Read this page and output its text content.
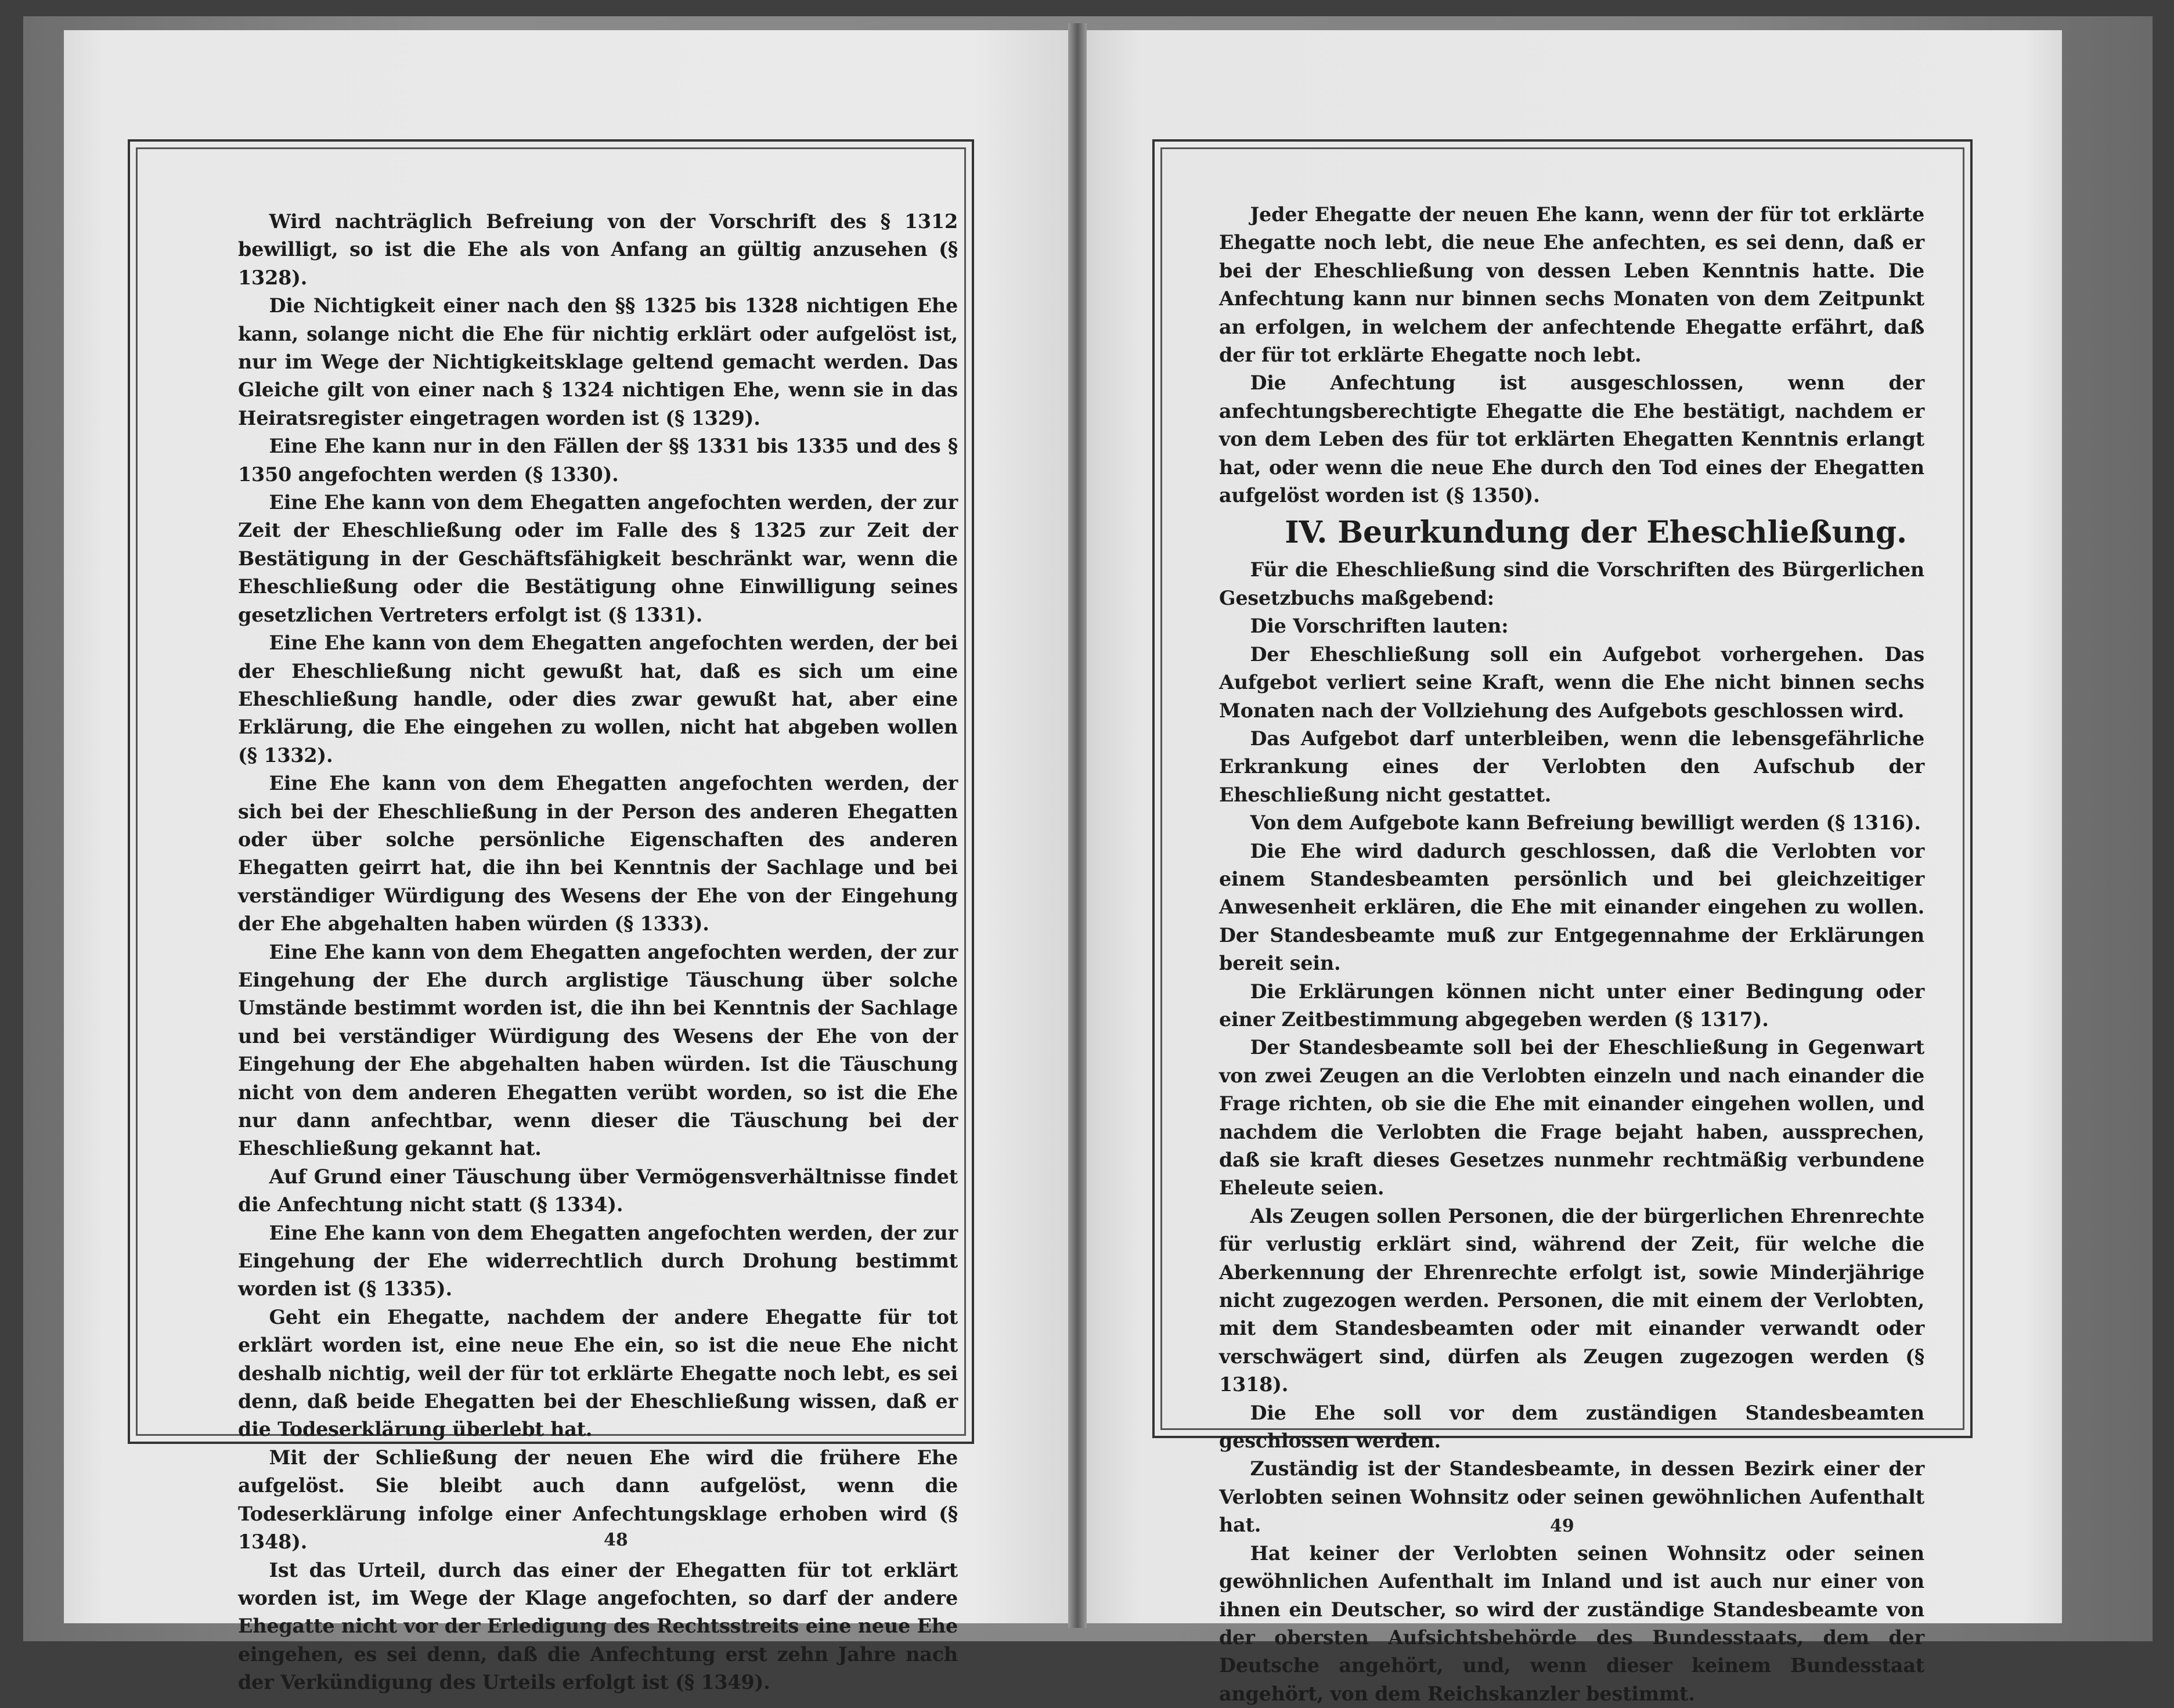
Wird nachträglich Befreiung von der Vorschrift des § 1312 bewilligt, so ist die Ehe als von Anfang an gültig anzusehen (§ 1328).

Die Nichtigkeit einer nach den §§ 1325 bis 1328 nichtigen Ehe kann, solange nicht die Ehe für nichtig erklärt oder aufgelöst ist, nur im Wege der Nichtigkeitsklage geltend gemacht werden. Das Gleiche gilt von einer nach § 1324 nichtigen Ehe, wenn sie in das Heiratsregister eingetragen worden ist (§ 1329).

Eine Ehe kann nur in den Fällen der §§ 1331 bis 1335 und des § 1350 angefochten werden (§ 1330).

Eine Ehe kann von dem Ehegatten angefochten werden, der zur Zeit der Eheschließung oder im Falle des § 1325 zur Zeit der Bestätigung in der Geschäftsfähigkeit beschränkt war, wenn die Eheschließung oder die Bestätigung ohne Einwilligung seines gesetzlichen Vertreters erfolgt ist (§ 1331).

Eine Ehe kann von dem Ehegatten angefochten werden, der bei der Eheschließung nicht gewußt hat, daß es sich um eine Eheschließung handle, oder dies zwar gewußt hat, aber eine Erklärung, die Ehe eingehen zu wollen, nicht hat abgeben wollen (§ 1332).

Eine Ehe kann von dem Ehegatten angefochten werden, der sich bei der Eheschließung in der Person des anderen Ehegatten oder über solche persönliche Eigenschaften des anderen Ehegatten geirrt hat, die ihn bei Kenntnis der Sachlage und bei verständiger Würdigung des Wesens der Ehe von der Eingehung der Ehe abgehalten haben würden (§ 1333).

Eine Ehe kann von dem Ehegatten angefochten werden, der zur Eingehung der Ehe durch arglistige Täuschung über solche Umstände bestimmt worden ist, die ihn bei Kenntnis der Sachlage und bei verständiger Würdigung des Wesens der Ehe von der Eingehung der Ehe abgehalten haben würden. Ist die Täuschung nicht von dem anderen Ehegatten verübt worden, so ist die Ehe nur dann anfechtbar, wenn dieser die Täuschung bei der Eheschließung gekannt hat.

Auf Grund einer Täuschung über Vermögensverhältnisse findet die Anfechtung nicht statt (§ 1334).

Eine Ehe kann von dem Ehegatten angefochten werden, der zur Eingehung der Ehe widerrechtlich durch Drohung bestimmt worden ist (§ 1335).

Geht ein Ehegatte, nachdem der andere Ehegatte für tot erklärt worden ist, eine neue Ehe ein, so ist die neue Ehe nicht deshalb nichtig, weil der für tot erklärte Ehegatte noch lebt, es sei denn, daß beide Ehegatten bei der Eheschließung wissen, daß er die Todeserklärung überlebt hat.

Mit der Schließung der neuen Ehe wird die frühere Ehe aufgelöst. Sie bleibt auch dann aufgelöst, wenn die Todeserklärung infolge einer Anfechtungsklage erhoben wird (§ 1348).

Ist das Urteil, durch das einer der Ehegatten für tot erklärt worden ist, im Wege der Klage angefochten, so darf der andere Ehegatte nicht vor der Erledigung des Rechtsstreits eine neue Ehe eingehen, es sei denn, daß die Anfechtung erst zehn Jahre nach der Verkündigung des Urteils erfolgt ist (§ 1349).

Jeder Ehegatte der neuen Ehe kann, wenn der für tot erklärte Ehegatte noch lebt, die neue Ehe anfechten, es sei denn, daß er bei der Eheschließung von dessen Leben Kenntnis hatte. Die Anfechtung kann nur binnen sechs Monaten von dem Zeitpunkt an erfolgen, in welchem der anfechtende Ehegatte erfährt, daß der für tot erklärte Ehegatte noch lebt.

Die Anfechtung ist ausgeschlossen, wenn der anfechtungsberechtigte Ehegatte die Ehe bestätigt, nachdem er von dem Leben des für tot erklärten Ehegatten Kenntnis erlangt hat, oder wenn die neue Ehe durch den Tod eines der Ehegatten aufgelöst worden ist (§ 1350).

IV. Beurkundung der Eheschließung.

Für die Eheschließung sind die Vorschriften des Bürgerlichen Gesetzbuchs maßgebend:

Die Vorschriften lauten:

Der Eheschließung soll ein Aufgebot vorhergehen. Das Aufgebot verliert seine Kraft, wenn die Ehe nicht binnen sechs Monaten nach der Vollziehung des Aufgebots geschlossen wird.

Das Aufgebot darf unterbleiben, wenn die lebensgefährliche Erkrankung eines der Verlobten den Aufschub der Eheschließung nicht gestattet.

Von dem Aufgebote kann Befreiung bewilligt werden (§ 1316).

Die Ehe wird dadurch geschlossen, daß die Verlobten vor einem Standesbeamten persönlich und bei gleichzeitiger Anwesenheit erklären, die Ehe mit einander eingehen zu wollen. Der Standesbeamte muß zur Entgegennahme der Erklärungen bereit sein.

Die Erklärungen können nicht unter einer Bedingung oder einer Zeitbestimmung abgegeben werden (§ 1317).

Der Standesbeamte soll bei der Eheschließung in Gegenwart von zwei Zeugen an die Verlobten einzeln und nach einander die Frage richten, ob sie die Ehe mit einander eingehen wollen, und nachdem die Verlobten die Frage bejaht haben, aussprechen, daß sie kraft dieses Gesetzes nunmehr rechtmäßig verbundene Eheleute seien.

Als Zeugen sollen Personen, die der bürgerlichen Ehrenrechte für verlustig erklärt sind, während der Zeit, für welche die Aberkennung der Ehrenrechte erfolgt ist, sowie Minderjährige nicht zugezogen werden. Personen, die mit einem der Verlobten, mit dem Standesbeamten oder mit einander verwandt oder verschwägert sind, dürfen als Zeugen zugezogen werden (§ 1318).

Die Ehe soll vor dem zuständigen Standesbeamten geschlossen werden.

Zuständig ist der Standesbeamte, in dessen Bezirk einer der Verlobten seinen Wohnsitz oder seinen gewöhnlichen Aufenthalt hat.

Hat keiner der Verlobten seinen Wohnsitz oder seinen gewöhnlichen Aufenthalt im Inland und ist auch nur einer von ihnen ein Deutscher, so wird der zuständige Standesbeamte von der obersten Aufsichtsbehörde des Bundesstaats, dem der Deutsche angehört, und, wenn dieser keinem Bundesstaat angehört, von dem Reichskanzler bestimmt.

48
49
